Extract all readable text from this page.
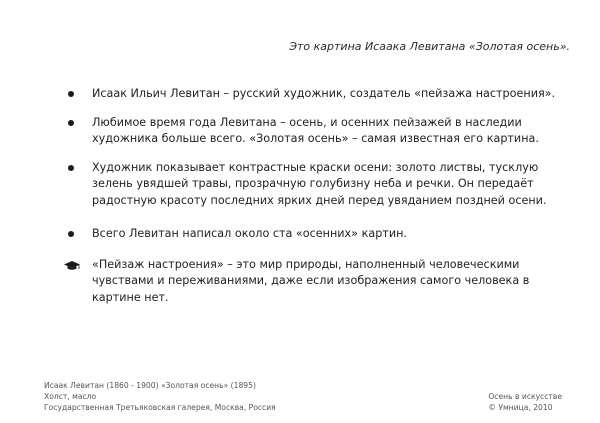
Это картина Исаака Левитана «Золотая осень».
Исаак Ильич Левитан – русский художник, создатель «пейзажа настроения».
Любимое время года Левитана – осень, и осенних пейзажей в наследии художника больше всего. «Золотая осень» – самая известная его картина.
Художник показывает контрастные краски осени: золото листвы, тусклую зелень увядшей травы, прозрачную голубизну неба и речки. Он передаёт радостную красоту последних ярких дней перед увяданием поздней осени.
Всего Левитан написал около ста «осенних» картин.
«Пейзаж настроения» – это мир природы, наполненный человеческими чувствами и переживаниями, даже если изображения самого человека в картине нет.
Исаак Левитан (1860 - 1900) «Золотая осень» (1895)
Холст, масло
Государственная Третьяковская галерея, Москва, Россия
Осень в искусстве
© Умница, 2010
